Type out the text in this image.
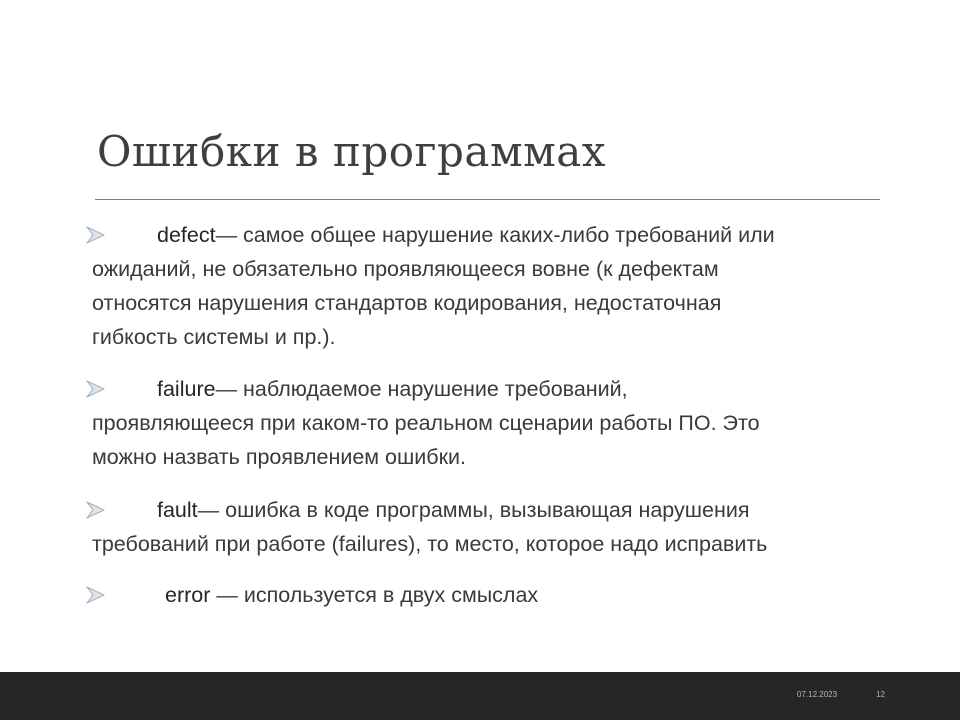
Ошибки в программах

defect— самое общее нарушение каких-либо требований или
ожиданий, не обязательно проявляющееся вовне (к дефектам
относятся нарушения стандартов кодирования, недостаточная
гибкость системы и пр.).

failure— наблюдаемое нарушение требований,
проявляющееся при каком-то реальном сценарии работы ПО. Это
можно назвать проявлением ошибки.

fault— ошибка в коде программы, вызывающая нарушения
требований при работе (failures), то место, которое надо исправить

error — используется в двух смыслах

07.12.2023	12
